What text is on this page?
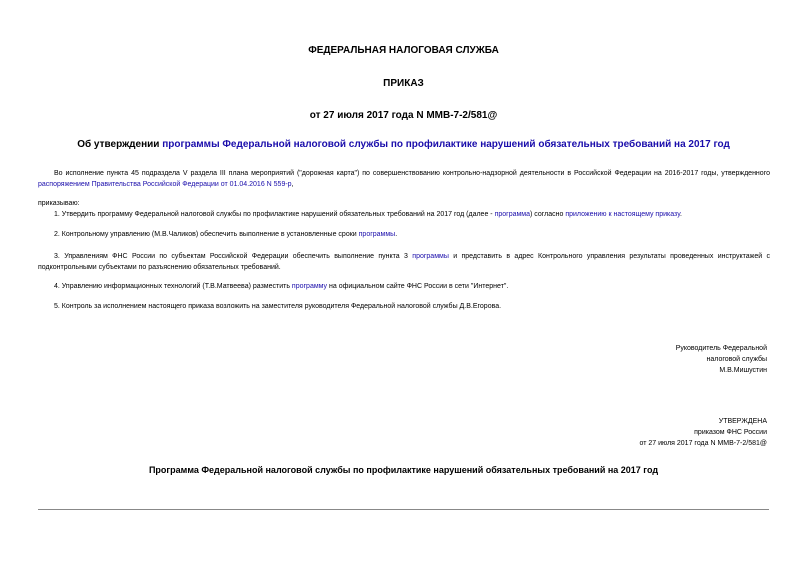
ФЕДЕРАЛЬНАЯ НАЛОГОВАЯ СЛУЖБА
ПРИКАЗ
от 27 июля 2017 года N ММВ-7-2/581@
Об утверждении программы Федеральной налоговой службы по профилактике нарушений обязательных требований на 2017 год
Во исполнение пункта 45 подраздела V раздела III плана мероприятий ("дорожная карта") по совершенствованию контрольно-надзорной деятельности в Российской Федерации на 2016-2017 годы, утвержденного распоряжением Правительства Российской Федерации от 01.04.2016 N 559-р,
приказываю:
1. Утвердить программу Федеральной налоговой службы по профилактике нарушений обязательных требований на 2017 год (далее - программа) согласно приложению к настоящему приказу.
2. Контрольному управлению (М.В.Чаликов) обеспечить выполнение в установленные сроки программы.
3. Управлениям ФНС России по субъектам Российской Федерации обеспечить выполнение пункта 3 программы и представить в адрес Контрольного управления результаты проведенных инструктажей с подконтрольными субъектами по разъяснению обязательных требований.
4. Управлению информационных технологий (Т.В.Матвеева) разместить программу на официальном сайте ФНС России в сети "Интернет".
5. Контроль за исполнением настоящего приказа возложить на заместителя руководителя Федеральной налоговой службы Д.В.Егорова.
Руководитель Федеральной
налоговой службы
М.В.Мишустин
УТВЕРЖДЕНА
приказом ФНС России
от 27 июля 2017 года N ММВ-7-2/581@
Программа Федеральной налоговой службы по профилактике нарушений обязательных требований на 2017 год
